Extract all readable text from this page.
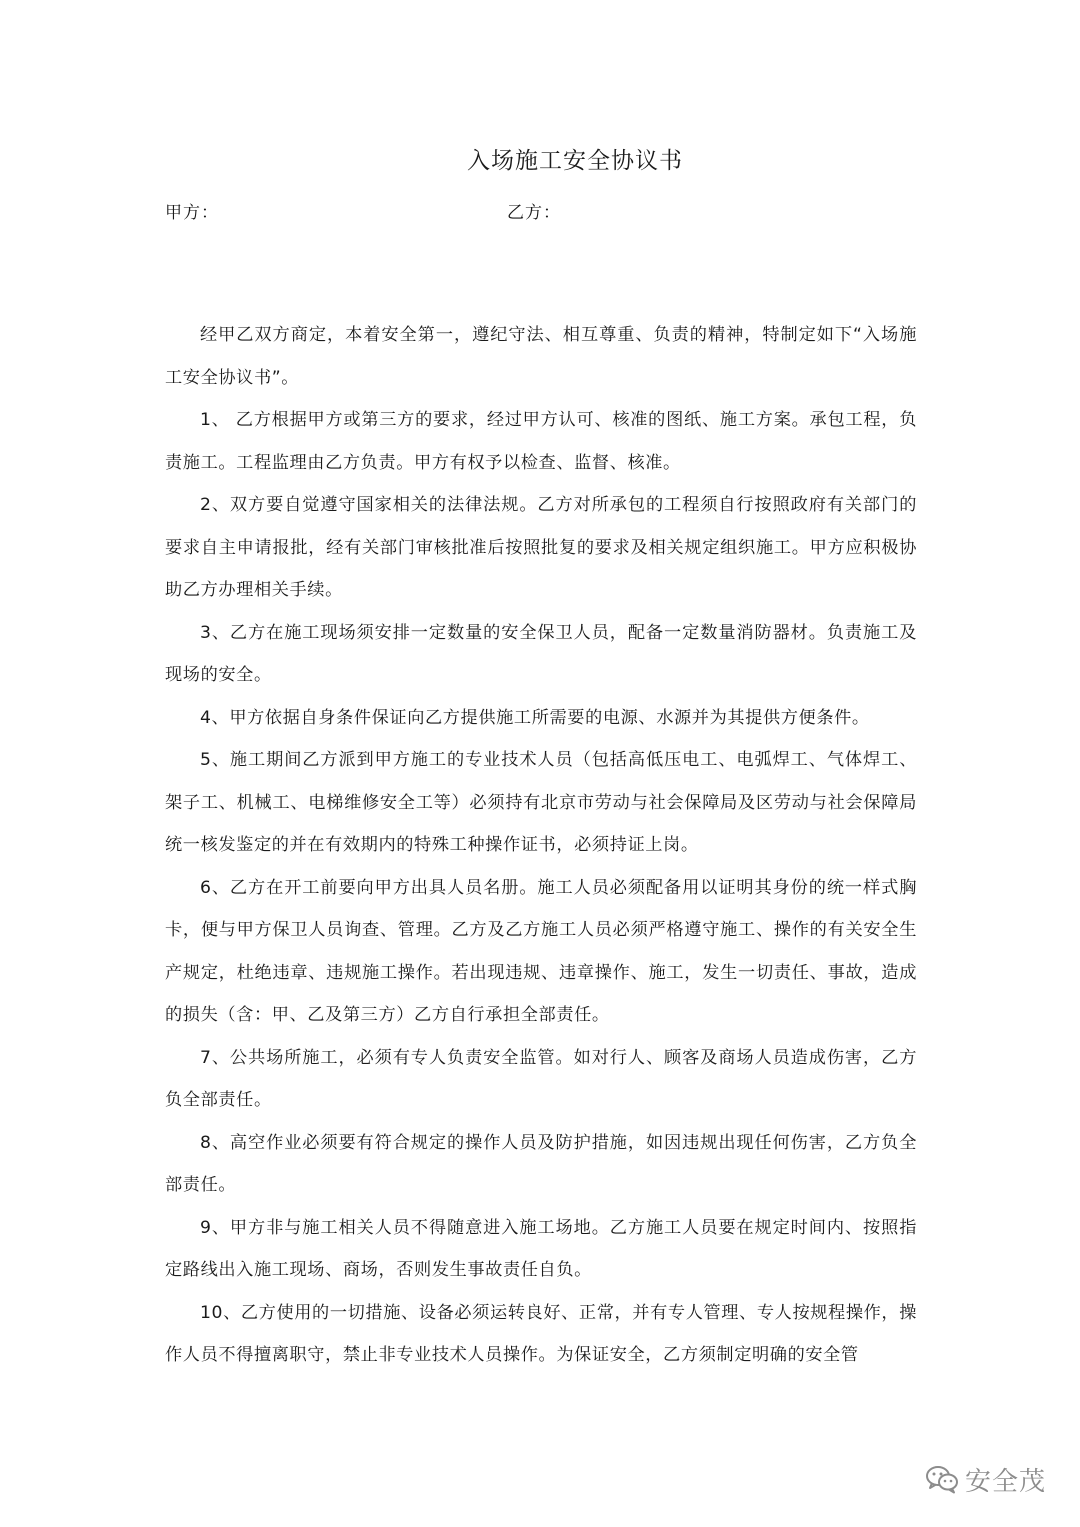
入场施工安全协议书
甲方：	乙方：

经甲乙双方商定，本着安全第一，遵纪守法、相互尊重、负责的精神，特制定如下“入场施工安全协议书”。

1、 乙方根据甲方或第三方的要求，经过甲方认可、核准的图纸、施工方案。承包工程，负责施工。工程监理由乙方负责。甲方有权予以检查、监督、核准。

2、双方要自觉遵守国家相关的法律法规。乙方对所承包的工程须自行按照政府有关部门的要求自主申请报批，经有关部门审核批准后按照批复的要求及相关规定组织施工。甲方应积极协助乙方办理相关手续。

3、乙方在施工现场须安排一定数量的安全保卫人员，配备一定数量消防器材。负责施工及现场的安全。

4、甲方依据自身条件保证向乙方提供施工所需要的电源、水源并为其提供方便条件。

5、施工期间乙方派到甲方施工的专业技术人员（包括高低压电工、电弧焊工、气体焊工、架子工、机械工、电梯维修安全工等）必须持有北京市劳动与社会保障局及区劳动与社会保障局统一核发鉴定的并在有效期内的特殊工种操作证书，必须持证上岗。

6、乙方在开工前要向甲方出具人员名册。施工人员必须配备用以证明其身份的统一样式胸卡，便与甲方保卫人员询查、管理。乙方及乙方施工人员必须严格遵守施工、操作的有关安全生产规定，杜绝违章、违规施工操作。若出现违规、违章操作、施工，发生一切责任、事故，造成的损失（含：甲、乙及第三方）乙方自行承担全部责任。

7、公共场所施工，必须有专人负责安全监管。如对行人、顾客及商场人员造成伤害，乙方负全部责任。

8、高空作业必须要有符合规定的操作人员及防护措施，如因违规出现任何伤害，乙方负全部责任。

9、甲方非与施工相关人员不得随意进入施工场地。乙方施工人员要在规定时间内、按照指定路线出入施工现场、商场，否则发生事故责任自负。

10、乙方使用的一切措施、设备必须运转良好、正常，并有专人管理、专人按规程操作，操作人员不得擅离职守，禁止非专业技术人员操作。为保证安全，乙方须制定明确的安全管

安全茂
